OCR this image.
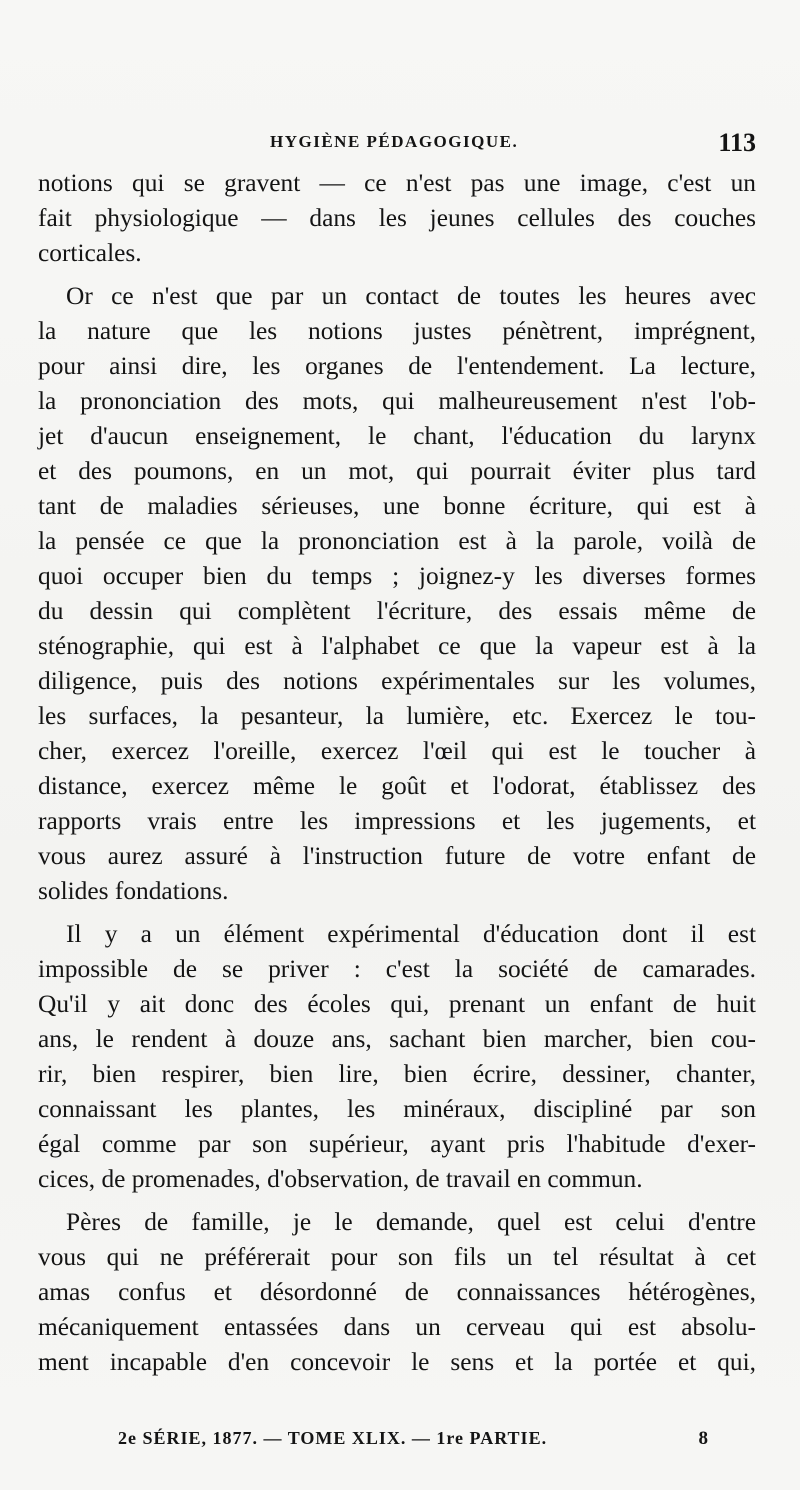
HYGIÈNE PÉDAGOGIQUE.	113

notions qui se gravent — ce n'est pas une image, c'est un
fait physiologique — dans les jeunes cellules des couches
corticales.

Or ce n'est que par un contact de toutes les heures avec
la nature que les notions justes pénètrent, imprégnent,
pour ainsi dire, les organes de l'entendement. La lecture,
la prononciation des mots, qui malheureusement n'est l'ob-
jet d'aucun enseignement, le chant, l'éducation du larynx
et des poumons, en un mot, qui pourrait éviter plus tard
tant de maladies sérieuses, une bonne écriture, qui est à
la pensée ce que la prononciation est à la parole, voilà de
quoi occuper bien du temps ; joignez-y les diverses formes
du dessin qui complètent l'écriture, des essais même de
sténographie, qui est à l'alphabet ce que la vapeur est à la
diligence, puis des notions expérimentales sur les volumes,
les surfaces, la pesanteur, la lumière, etc. Exercez le tou-
cher, exercez l'oreille, exercez l'œil qui est le toucher à
distance, exercez même le goût et l'odorat, établissez des
rapports vrais entre les impressions et les jugements, et
vous aurez assuré à l'instruction future de votre enfant de
solides fondations.

Il y a un élément expérimental d'éducation dont il est
impossible de se priver : c'est la société de camarades.
Qu'il y ait donc des écoles qui, prenant un enfant de huit
ans, le rendent à douze ans, sachant bien marcher, bien cou-
rir, bien respirer, bien lire, bien écrire, dessiner, chanter,
connaissant les plantes, les minéraux, discipliné par son
égal comme par son supérieur, ayant pris l'habitude d'exer-
cices, de promenades, d'observation, de travail en commun.

Pères de famille, je le demande, quel est celui d'entre
vous qui ne préférerait pour son fils un tel résultat à cet
amas confus et désordonné de connaissances hétérogènes,
mécaniquement entassées dans un cerveau qui est absolu-
ment incapable d'en concevoir le sens et la portée et qui,

2e SÉRIE, 1877. — TOME XLIX. — 1re PARTIE.	8
